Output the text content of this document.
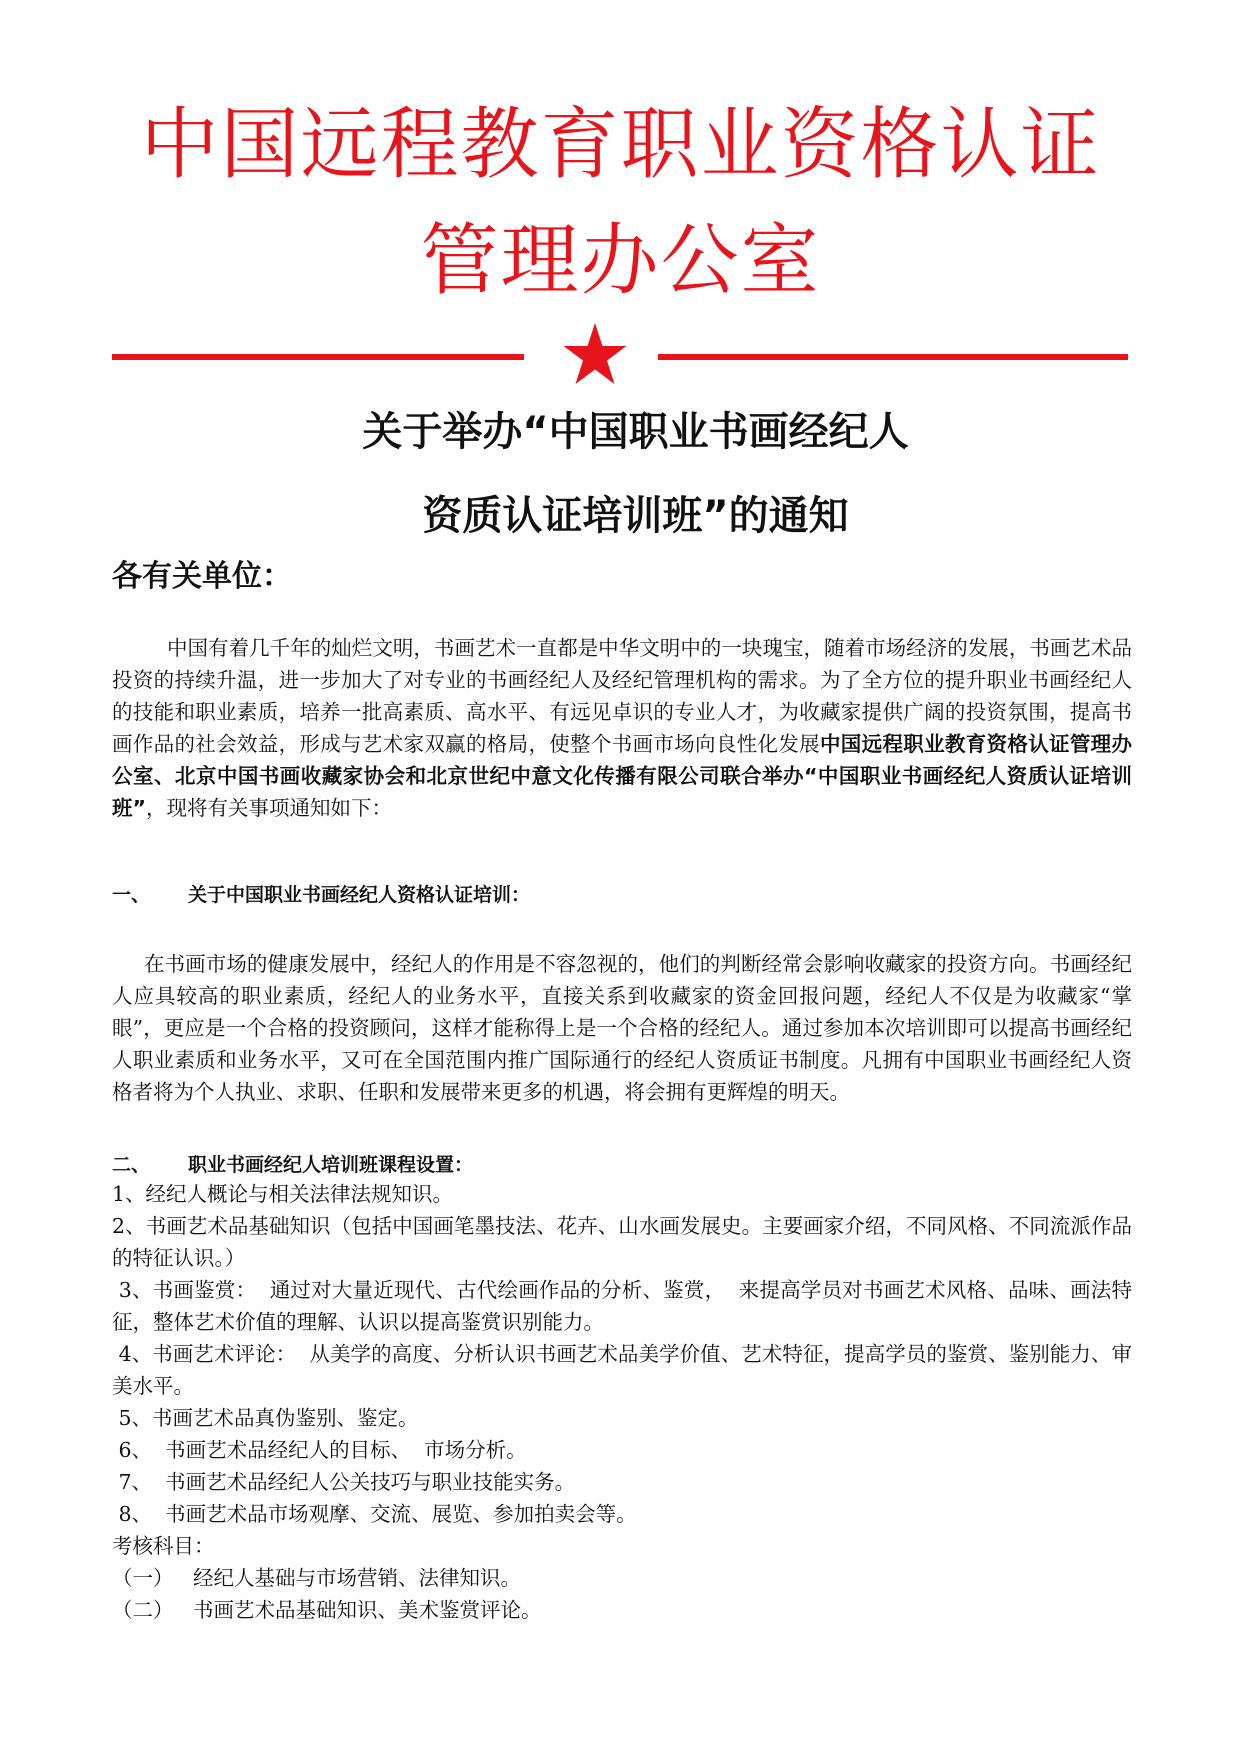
中国远程教育职业资格认证
管理办公室
关于举办“中国职业书画经纪人
资质认证培训班”的通知
各有关单位：

中国有着几千年的灿烂文明，书画艺术一直都是中华文明中的一块瑰宝，随着市场经济的发展，书画艺术品投资的持续升温，进一步加大了对专业的书画经纪人及经纪管理机构的需求。为了全方位的提升职业书画经纪人的技能和职业素质，培养一批高素质、高水平、有远见卓识的专业人才，为收藏家提供广阔的投资氛围，提高书画作品的社会效益，形成与艺术家双赢的格局，使整个书画市场向良性化发展中国远程职业教育资格认证管理办公室、北京中国书画收藏家协会和北京世纪中意文化传播有限公司联合举办“中国职业书画经纪人资质认证培训班”，现将有关事项通知如下：

一、 关于中国职业书画经纪人资格认证培训：

在书画市场的健康发展中，经纪人的作用是不容忽视的，他们的判断经常会影响收藏家的投资方向。书画经纪人应具较高的职业素质，经纪人的业务水平，直接关系到收藏家的资金回报问题，经纪人不仅是为收藏家“掌眼”，更应是一个合格的投资顾问，这样才能称得上是一个合格的经纪人。通过参加本次培训即可以提高书画经纪人职业素质和业务水平，又可在全国范围内推广国际通行的经纪人资质证书制度。凡拥有中国职业书画经纪人资格者将为个人执业、求职、任职和发展带来更多的机遇，将会拥有更辉煌的明天。

二、 职业书画经纪人培训班课程设置：

1、经纪人概论与相关法律法规知识。

2、书画艺术品基础知识（包括中国画笔墨技法、花卉、山水画发展史。主要画家介绍，不同风格、不同流派作品的特征认识。）

3、书画鉴赏：  通过对大量近现代、古代绘画作品的分析、鉴赏，  来提高学员对书画艺术风格、品味、画法特征，整体艺术价值的理解、认识以提高鉴赏识别能力。

4、书画艺术评论：  从美学的高度、分析认识书画艺术品美学价值、艺术特征，提高学员的鉴赏、鉴别能力、审美水平。

5、书画艺术品真伪鉴别、鉴定。

6、  书画艺术品经纪人的目标、  市场分析。

7、  书画艺术品经纪人公关技巧与职业技能实务。

8、  书画艺术品市场观摩、交流、展览、参加拍卖会等。

考核科目：

（一）   经纪人基础与市场营销、法律知识。

（二）   书画艺术品基础知识、美术鉴赏评论。
